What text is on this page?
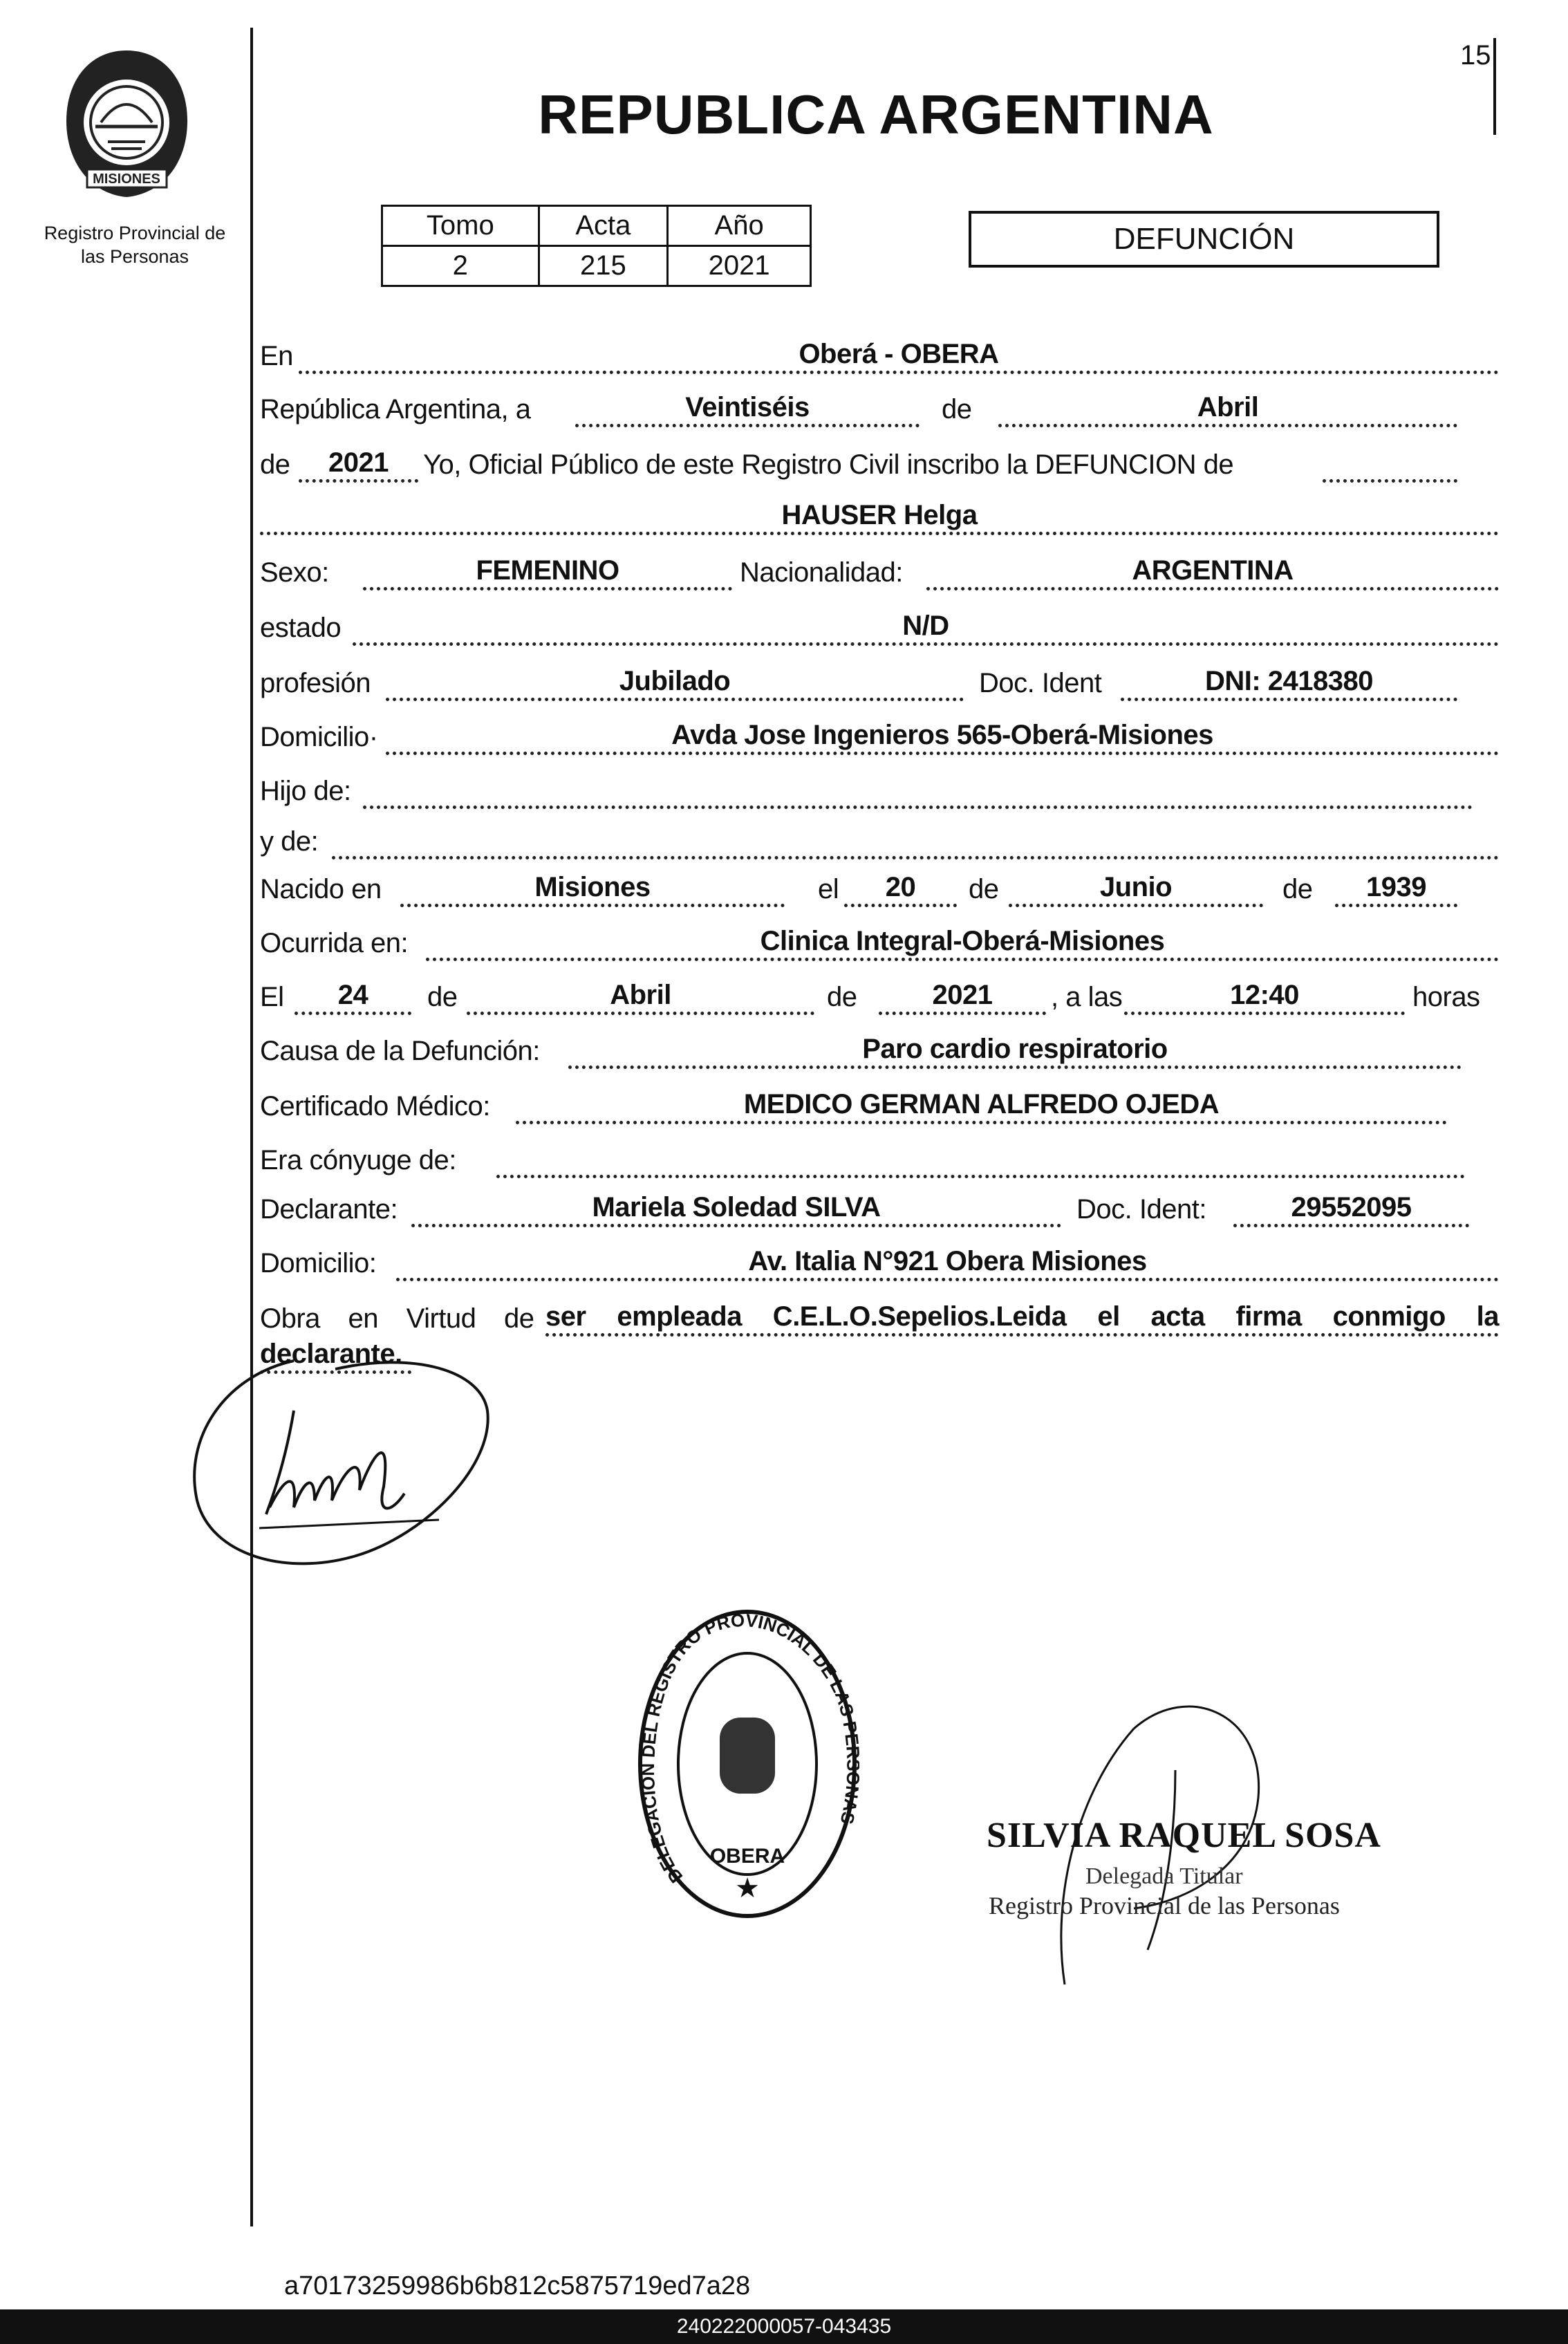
MISIONES
Registro Provincial de
las Personas
REPUBLICA ARGENTINA
15
Tomo	Acta	Año
2	215	2021
DEFUNCIÓN
En	Oberá - OBERA
República Argentina, a	Veintiséis	de	Abril
de	2021	Yo, Oficial Público de este Registro Civil inscribo la DEFUNCION de
HAUSER Helga
Sexo:	FEMENINO	Nacionalidad:	ARGENTINA
estado	N/D
profesión	Jubilado	Doc. Ident	DNI: 2418380
Domicilio·	Avda Jose Ingenieros 565-Oberá-Misiones
Hijo de:
y de:
Nacido en	Misiones	el	20	de	Junio	de	1939
Ocurrida en:	Clinica Integral-Oberá-Misiones
El	24	de	Abril	de	2021	, a las	12:40	horas
Causa de la Defunción:	Paro cardio respiratorio
Certificado Médico:	MEDICO GERMAN ALFREDO OJEDA
Era cónyuge de:
Declarante:	Mariela Soledad SILVA	Doc. Ident:	29552095
Domicilio:	Av. Italia N°921 Obera Misiones
Obra en Virtud de ser empleada C.E.L.O.Sepelios.Leida el acta firma conmigo la
declarante.
DELEGACION DEL REGISTRO PROVINCIAL DE LAS P AS
OBERA
★
SILVIA RAQUEL SOSA
Delegada Titular
Registro Provincial de las Personas
a70173259986b6b812c5875719ed7a28
240222000057-043435
